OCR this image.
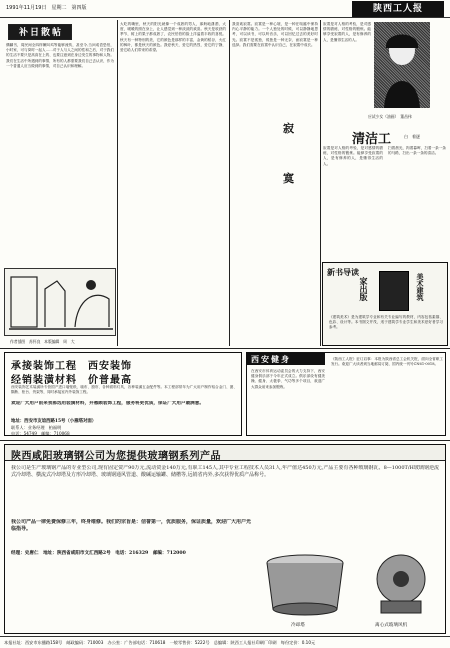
1991年11月19日　星期二　第四版	陕西工人报
补日散帖
偶翻书，周民间全四梓嫩叫鸡等能够流传，甚至今,当问成语恐怕，小时家，可与岗时一起人……对于人与人之间的性和之后，对于我们的生活不要只是高高在上的、也要注意到在身边发生的事物和人物。我们在生活中所遇到的事情，所有的人都需要我们自己去认识，作为一个普通人应当做到的事情，对自己认识和理解。
作者插图　苏怀良　本版编辑　周　大
大吃的嘴里，秋天的阳光就像一个成熟的男人，那般地潇洒，大度，暖暖的照在身上，让人感觉到一种淡淡的欢喜。秋天是收获的季节，树上的果子都成熟了，农民伯伯的脸上洋溢着丰收的喜悦。秋天有一种特别的美，它的颜色是那样的丰富，金黄的稻谷，火红的枫叶，都是秋天的颜色。我爱秋天，爱它的热烈，爱它的宁静，爱它给人们带来的希望。
我喜欢寂寞。寂寞是一种心境，是一种在喧嚣中保持内心平静的能力。一个人独处的时候，可以静静地思考，可以读书，可以听音乐，可以回忆过去的美好时光。寂寞不是孤独，孤独是一种无奈，而寂寞是一种选择。我们需要在寂寞中认识自己，在寂寞中成长。
寂
寞
应试少女（油画）　董昌伟
寂寞是对人格的考验，是对感情的磨练，对性格的锻炼。能够享受寂寞的人，是有修养的人，是懂得生活的人。
清洁工	白　着逐
寂寞是对人格的考验，是对感情的磨练，对性格的锻炼。能够享受寂寞的人，是有修养的人，是懂得生活的人。
扫着晨光，拘着暮晖，扫着一条一条的马路，扫出一条一条的清洁。
新书导读
家出版	美术建筑
《建筑美术》是为建筑学专业和有关专业编写的教材，内容包括素描、色彩、设计等。本书图文并茂，适于建筑学专业学生和美术爱好者学习参考。
承接装饰工程　西安装饰
经销装潢材料　价普最高
西安装饰艺术装潢所专营国产进口墙壁纸、墙布、窗帘、各种面料灯具，各种装潢五金配件等。本工程部常年为广大用户制作铝合金门、窗、隔断、柜台、货架等，同时承接室内外装饰工程。
欢迎广大用户前来我部选用装潢材料，并惠顾装饰工程，服务将更优质，保证广大用户最满意。
地址：西安市友谊西路15号（小雁塔对面）
联系人：业务经理　柏福明
电话：54749　邮编：710068
西安健身
在西安市体育运动委员会的大力支持下，西安健身俱乐部于今年正式成立。俱乐部设有健美操、健身、太极拳、气功等多个项目，欢迎广大群众前来参加锻炼。
《陕西工人报》征订启事：本报为陕西省总工会机关报，面向全省职工发行。欢迎广大读者到当地邮局订阅，国内统一刊号CN61-0018。
陕西咸阳玻璃钢公司为您提供玻璃钢系列产品
我公司是生产玻璃钢产品的专业型公司,现有固定资产90万元,流动资金140万元,有职工145人,其中专业工程技术人员31人,年产值达450万元,产品主要有各种玻璃钢瓦、8—1000T/H玻璃钢逆流式冷却塔、横流式冷却塔及方形冷却塔、玻璃钢通风管道、酸碱运输罐、储槽等,远销省内外,多次获得优质产品称号。
我公司产品一律免费保修三年，终身维修。我们的宗旨是：信誉第一，优质服务，保证质量，欢迎广大用户光临指导。
经理：史唐仁　地址：陕西省咸阳市文汇西路2号　电话：216329　邮编：712000
冷却塔	离心式玻璃风机
本报社址：西安市东播路158号　邮政编码：710003　办公室：广告部电话：710618　一般零售价：5222号　总编辑：陕西工人报社印刷厂印刷　每份定价：0.10元
